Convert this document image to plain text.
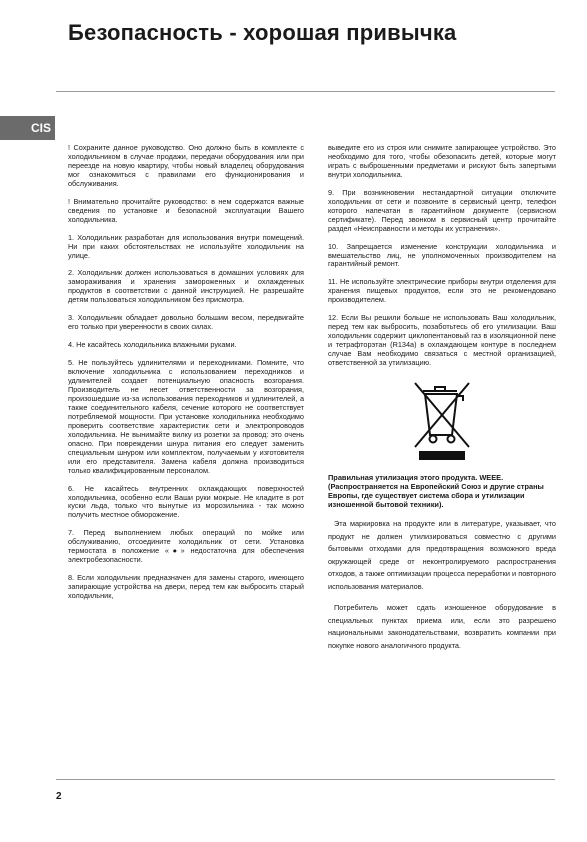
Безопасность - хорошая привычка
CIS

! Сохраните данное руководство. Оно должно быть в комплекте с холодильником в случае продажи, передачи оборудования или при переезде на новую квартиру, чтобы новый владелец оборудования мог ознакомиться с правилами его функционирования и обслуживания.

! Внимательно прочитайте руководство: в нем содержатся важные сведения по установке и безопасной эксплуатации Вашего холодильника.

1. Холодильник разработан для использования внутри помещений. Ни при каких обстоятельствах не используйте холодильник на улице.

2. Холодильник должен использоваться в домашних условиях для замораживания и хранения замороженных и охлажденных продуктов в соответствии с данной инструкцией. Не разрешайте детям пользоваться холодильником без присмотра.

3. Холодильник обладает довольно большим весом, передвигайте его только при уверенности в своих силах.

4. Не касайтесь холодильника влажными руками.

5. Не пользуйтесь удлинителями и переходниками. Помните, что включение холодильника с использованием переходников и удлинителей создает потенциальную опасность возгорания. Производитель не несет ответственности за возгорания, произошедшие из-за использования переходников и удлинителей, а также соединительного кабеля, сечение которого не соответствует потребляемой мощности. При установке холодильника необходимо проверить соответствие характеристик сети и электропроводов холодильника. Не вынимайте вилку из розетки за провод: это очень опасно. При повреждении шнура питания его следует заменить специальным шнуром или комплектом, получаемым у изготовителя или его представителя. Замена кабеля должна производиться только квалифицированным персоналом.

6. Не касайтесь внутренних охлаждающих поверхностей холодильника, особенно если Ваши руки мокрые. Не кладите в рот куски льда, только что вынутые из морозильника - так можно получить местное обморожение.

7. Перед выполнением любых операций по мойке или обслуживанию, отсоедините холодильник от сети. Установка термостата в положение «●» недостаточна для обеспечения электробезопасности.

8. Если холодильник предназначен для замены старого, имеющего запирающие устройства на двери, перед тем как выбросить старый холодильник,

выведите его из строя или снимите запирающее устройство. Это необходимо для того, чтобы обезопасить детей, которые могут играть с выброшенными предметами и рискуют быть запертыми внутри холодильника.

9. При возникновении нестандартной ситуации отключите холодильник от сети и позвоните в сервисный центр, телефон которого напечатан в гарантийном документе (сервисном сертификате). Перед звонком в сервисный центр прочитайте раздел «Неисправности и методы их устранения».

10. Запрещается изменение конструкции холодильника и вмешательство лиц, не уполномоченных производителем на гарантийный ремонт.

11. Не используйте электрические приборы внутри отделения для хранения пищевых продуктов, если это не рекомендовано производителем.

12. Если Вы решили больше не использовать Ваш холодильник, перед тем как выбросить, позаботьтесь об его утилизации. Ваш холодильник содержит циклопентановый газ в изоляционной пене и тетрафторэтан (R134a) в охлаждающем контуре в последнем случае Вам необходимо связаться с местной организацией, ответственной за утилизацию.

Правильная утилизация этого продукта. WEEE. (Распространяется на Европейский Союз и другие страны Европы, где существует система сбора и утилизации изношенной бытовой техники).

Эта маркировка на продукте или в литературе, указывает, что продукт не должен утилизироваться совместно с другими бытовыми отходами для предотвращения возможного вреда окружающей среде от неконтролируемого распространения отходов, а также оптимизации процесса переработки и повторного использования материалов.

Потребитель может сдать изношенное оборудование в специальных пунктах приема или, если это разрешено национальными законодательствами, возвратить компании при покупке нового аналогичного продукта.

2
